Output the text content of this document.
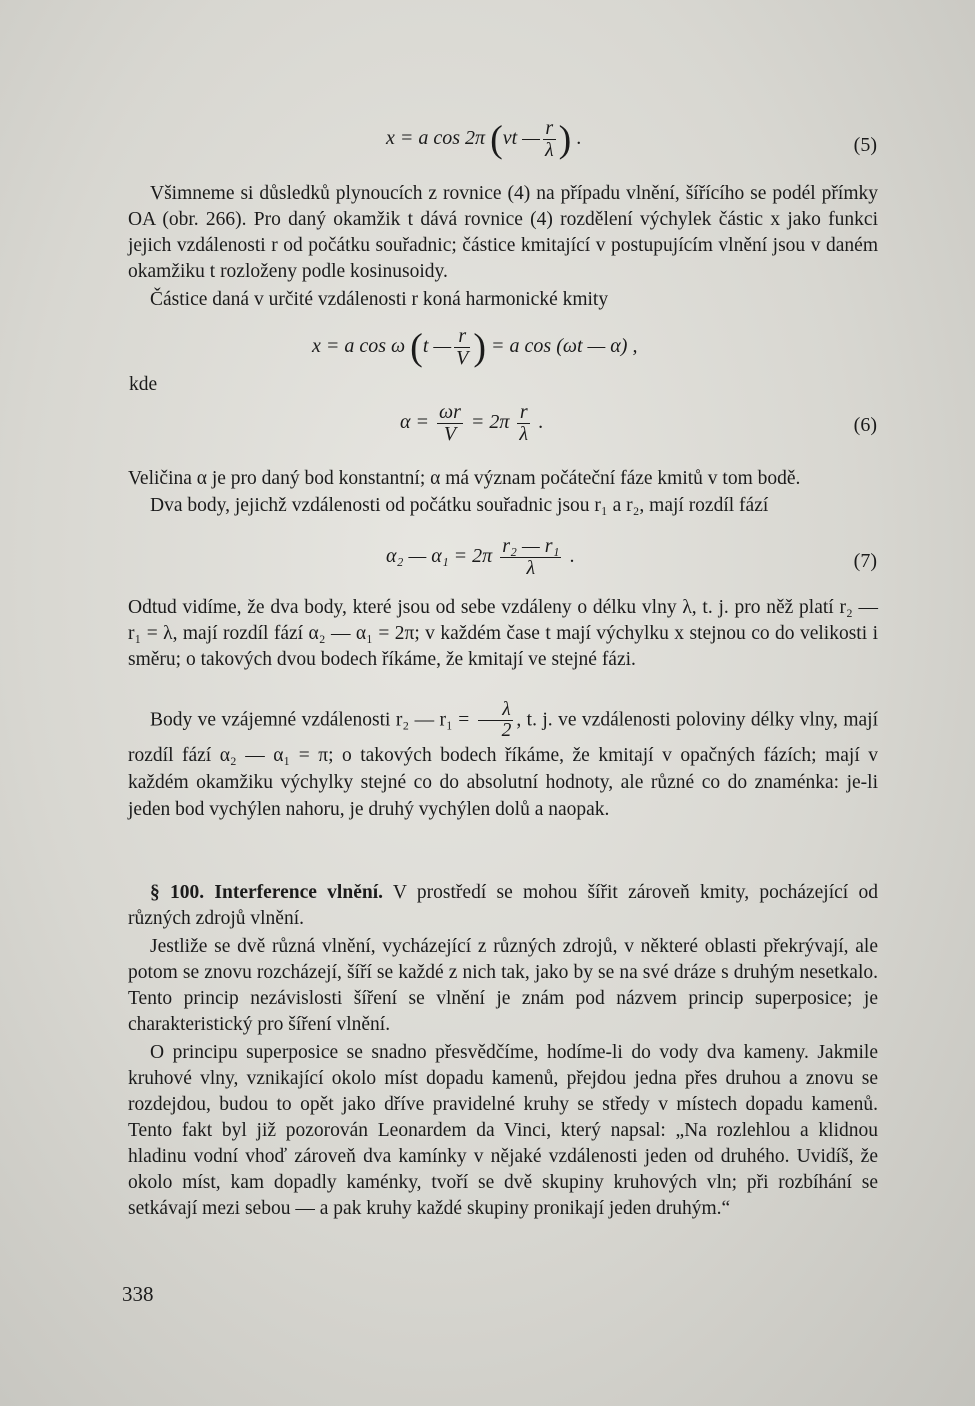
x = a cos 2π (νt — $\frac{r}{\lambda}$ ) .	(5)
Všimneme si důsledků plynoucích z rovnice (4) na případu vlnění, šířícího se podél přímky OA (obr. 266). Pro daný okamžik t dává rovnice (4) rozdělení výchylek částic x jako funkci jejich vzdálenosti r od počátku souřadnic; částice kmitající v postupujícím vlnění jsou v daném okamžiku t rozloženy podle kosinusoidy.
Částice daná v určité vzdálenosti r koná harmonické kmity
x = a cos ω (t — $\frac{r}{V}$ ) = a cos (ωt — α) ,
kde
$\alpha = \frac{\omega r}{V} = 2\pi \frac{r}{\lambda}$ .	(6)
Veličina α je pro daný bod konstantní; α má význam počáteční fáze kmitů v tom bodě.
Dva body, jejichž vzdálenosti od počátku souřadnic jsou r₁ a r₂, mají rozdíl fází
α₂ — $\alpha_1 = 2\pi \frac{\text{r₂ — r₁}}{\lambda}$ .	(7)
Odtud vidíme, že dva body, které jsou od sebe vzdáleny o délku vlny λ, t. j. pro něž platí r₂ — r₁ = λ, mají rozdíl fází α₂ — α₁ = 2π; v každém čase t mají výchylku x stejnou co do velikosti i směru; o takových dvou bodech říkáme, že kmitají ve stejné fázi.
Body ve vzájemné vzdálenosti r₂ — $r_1 = \frac{\lambda}{2}$ , t. j. ve vzdálenosti poloviny délky vlny, mají rozdíl fází α₂ — α₁ = π; o takových bodech říkáme, že kmitají v opačných fázích; mají v každém okamžiku výchylky stejné co do absolutní hodnoty, ale různé co do znaménka: je-li jeden bod vychýlen nahoru, je druhý vychýlen dolů a naopak.
§ 100. Interference vlnění. V prostředí se mohou šířit zároveň kmity, pocházející od různých zdrojů vlnění.
Jestliže se dvě různá vlnění, vycházející z různých zdrojů, v některé oblasti překrývají, ale potom se znovu rozcházejí, šíří se každé z nich tak, jako by se na své dráze s druhým nesetkalo. Tento princip nezávislosti šíření se vlnění je znám pod názvem princip superposice; je charakteristický pro šíření vlnění.
O principu superposice se snadno přesvědčíme, hodíme-li do vody dva kameny. Jakmile kruhové vlny, vznikající okolo míst dopadu kamenů, přejdou jedna přes druhou a znovu se rozdejdou, budou to opět jako dříve pravidelné kruhy se středy v místech dopadu kamenů. Tento fakt byl již pozorován Leonardem da Vinci, který napsal: „Na rozlehlou a klidnou hladinu vodní vhoď zároveň dva kamínky v nějaké vzdálenosti jeden od druhého. Uvidíš, že okolo míst, kam dopadly kaménky, tvoří se dvě skupiny kruhových vln; při rozbíhání se setkávají mezi sebou — a pak kruhy každé skupiny pronikají jeden druhým.“
338
